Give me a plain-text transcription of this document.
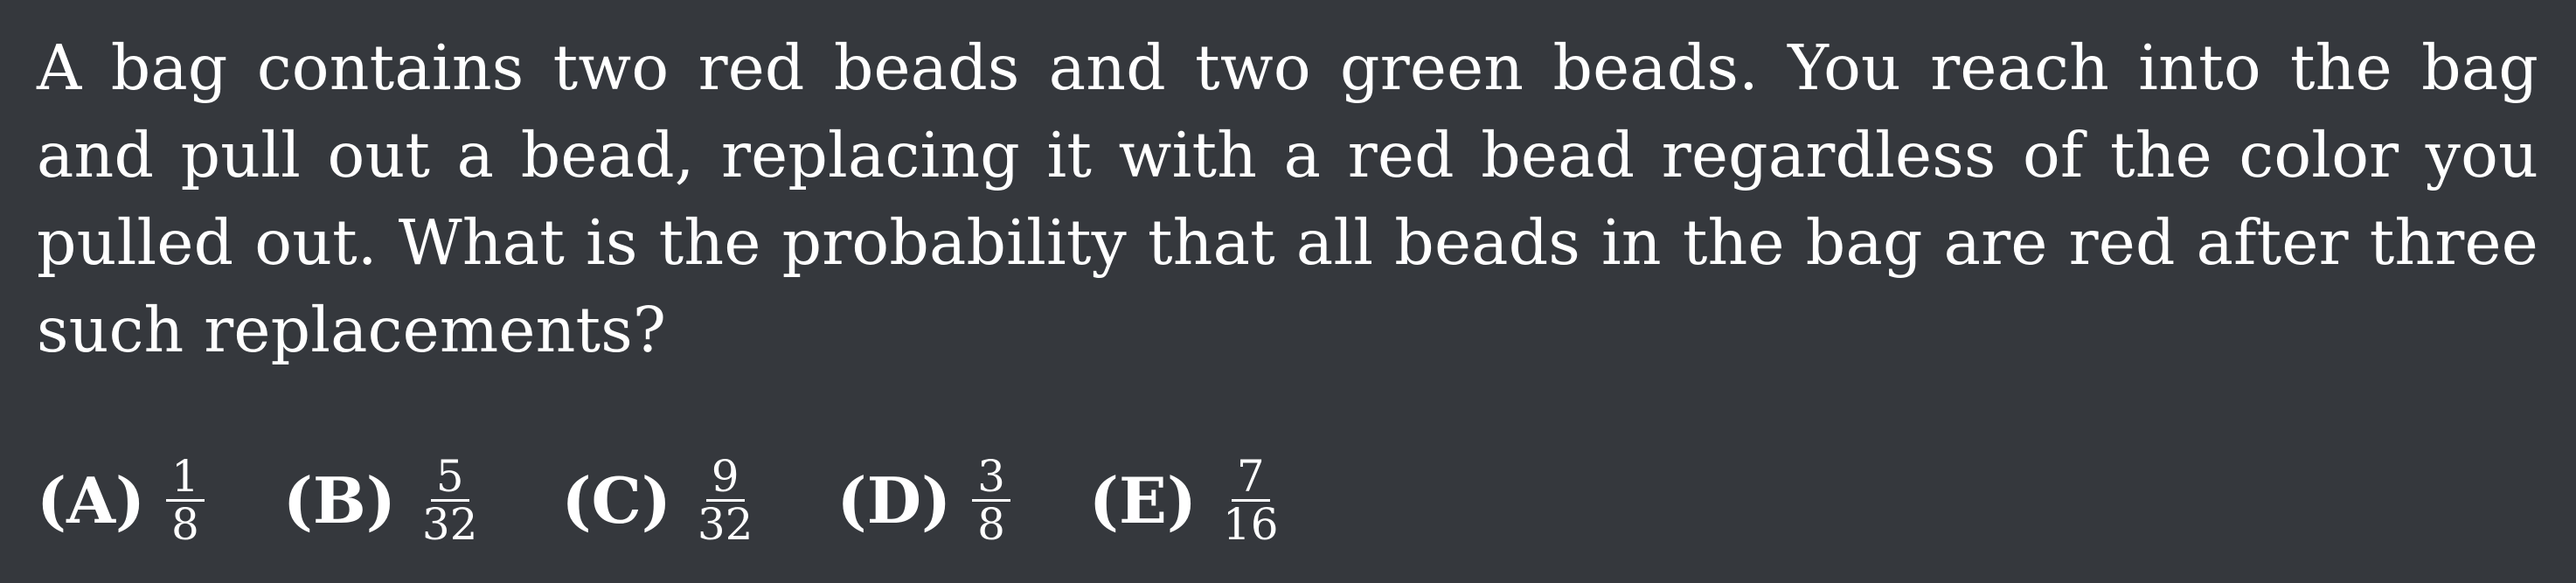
A bag contains two red beads and two green beads. You reach into the bag and pull out a bead, replacing it with a red bead regardless of the color you pulled out. What is the probability that all beads in the bag are red after three such replacements?
$(A) \frac{1}{8} (B) \frac{5}{32} (C) \frac{9}{32} (D) \frac{3}{8} (E) \frac{7}{16}$
